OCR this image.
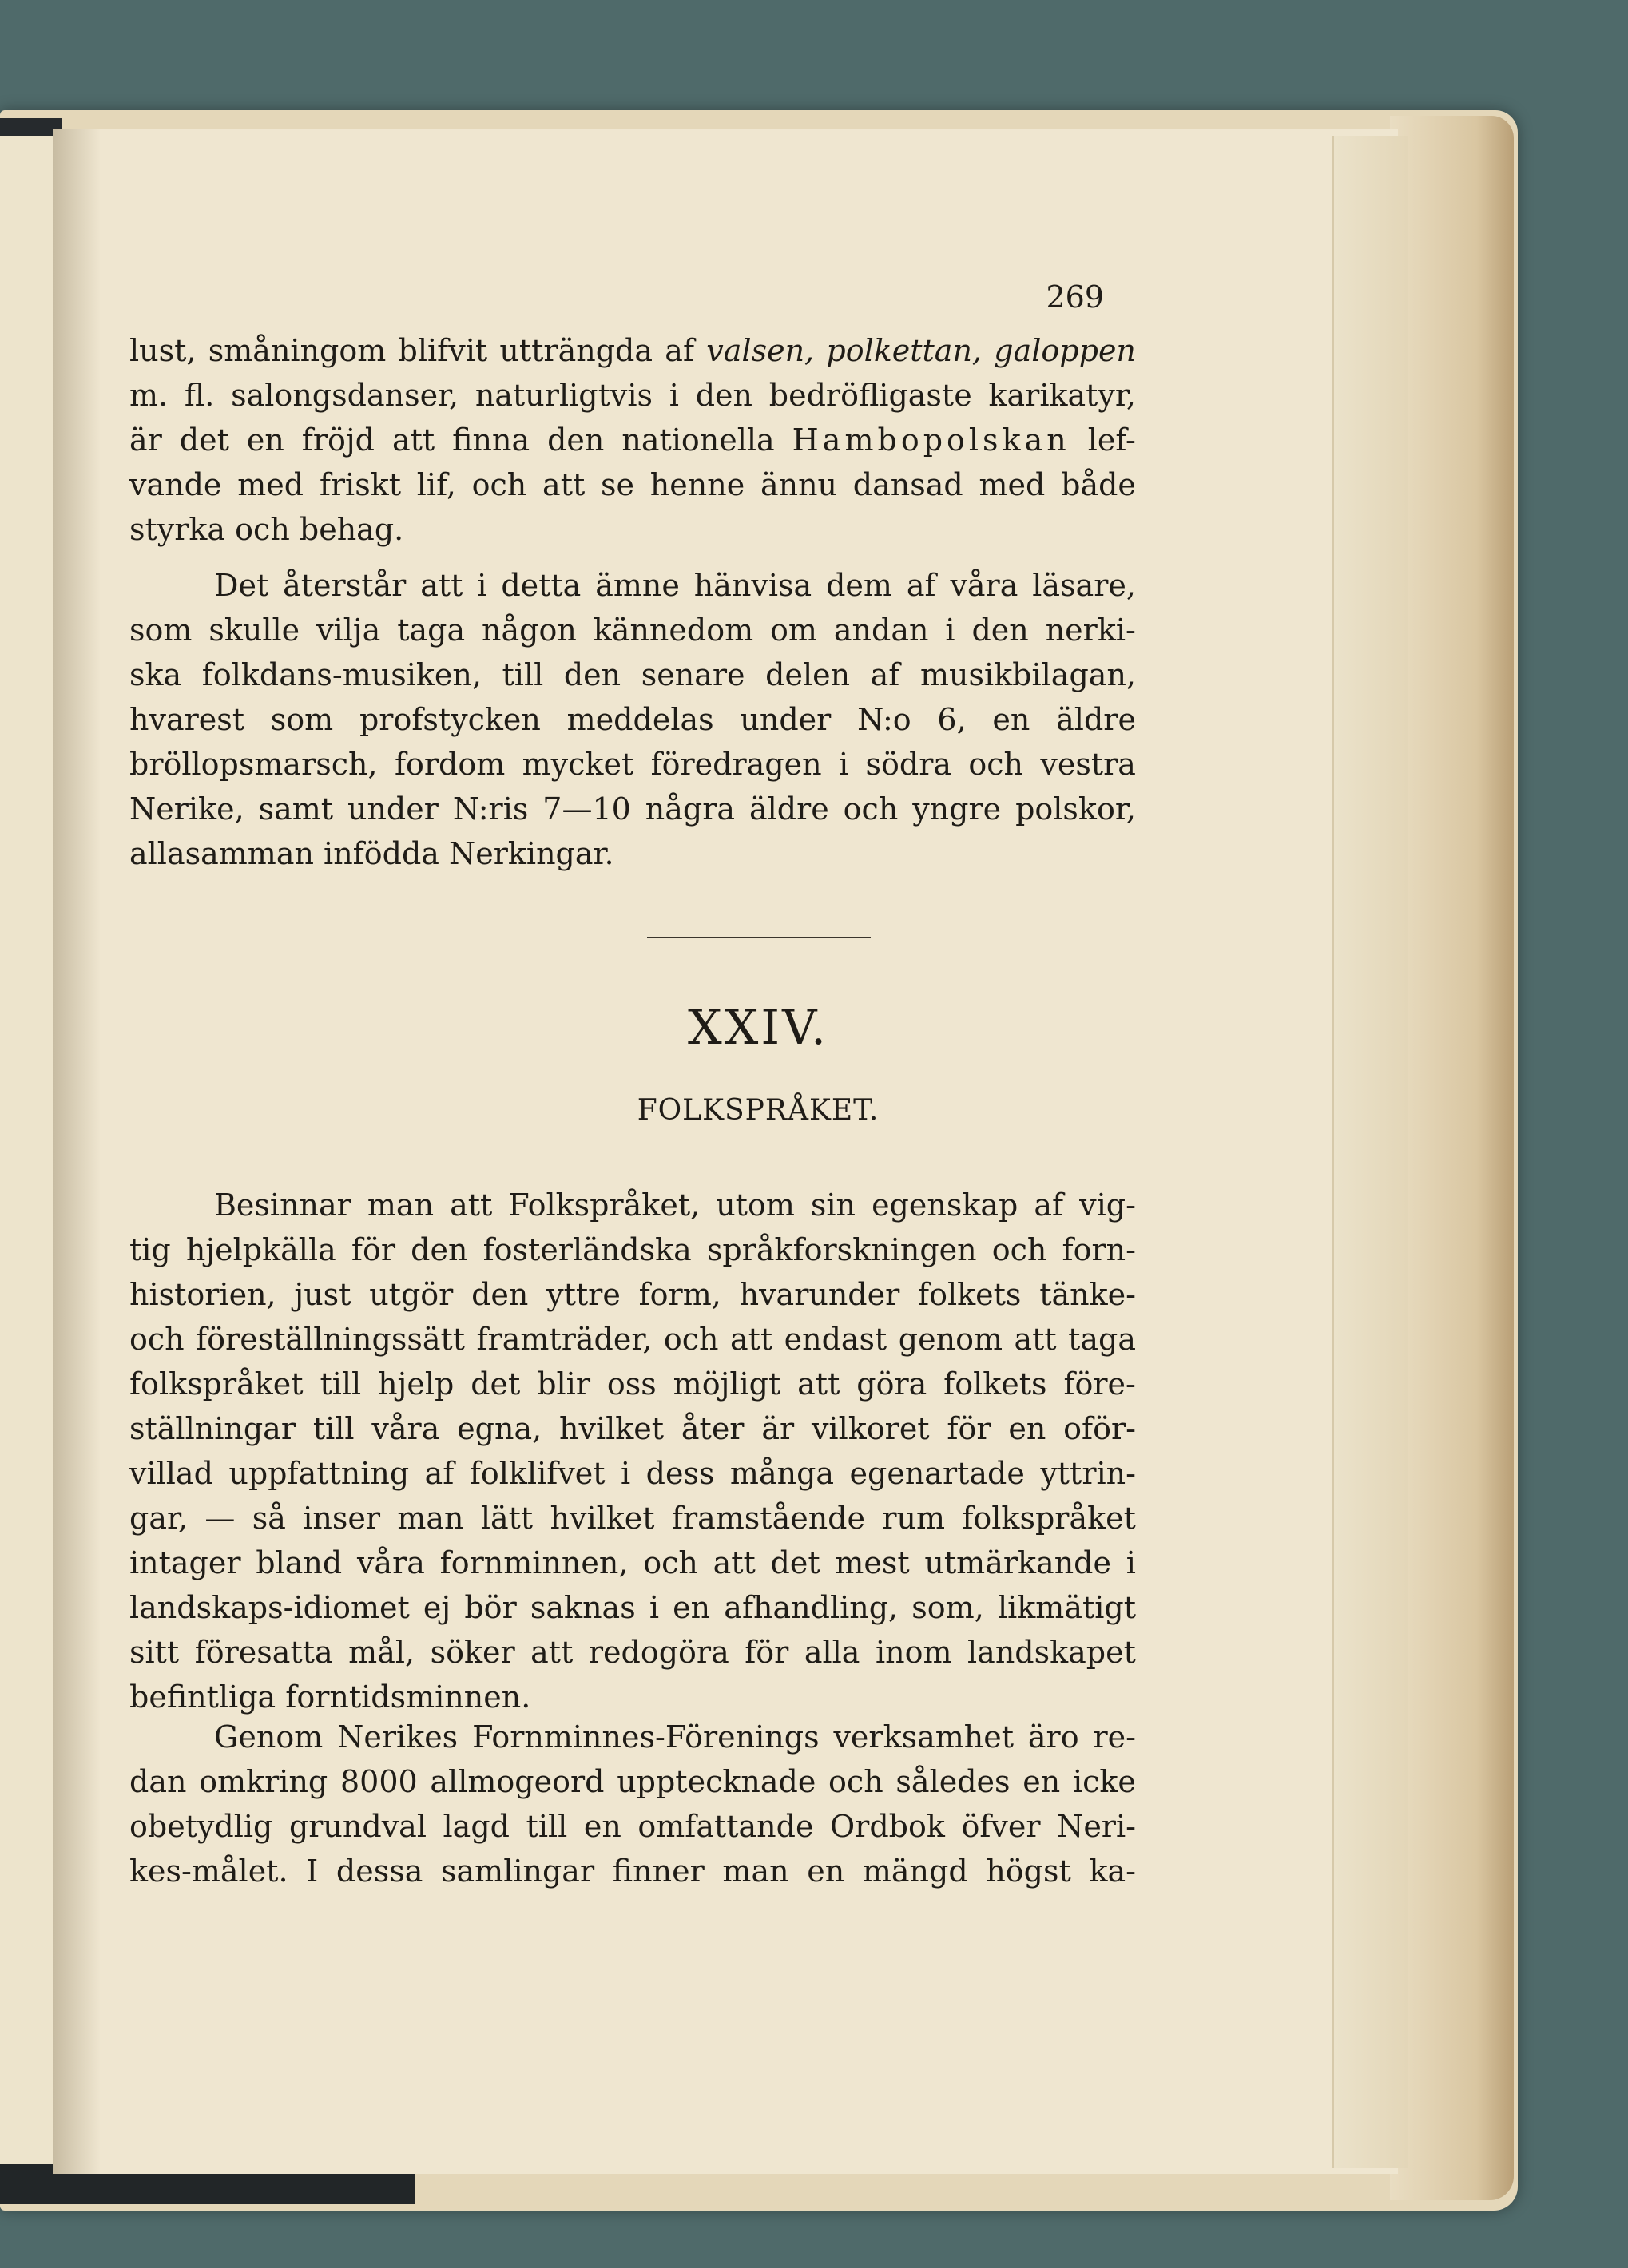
269
lust, småningom blifvit utträngda af valsen, polkettan, galoppen
m. fl. salongsdanser, naturligtvis i den bedröfligaste karikatyr,
är det en fröjd att finna den nationella Hambopolskan lef-
vande med friskt lif, och att se henne ännu dansad med både
styrka och behag.
Det återstår att i detta ämne hänvisa dem af våra läsare,
som skulle vilja taga någon kännedom om andan i den nerki-
ska folkdans-musiken, till den senare delen af musikbilagan,
hvarest som profstycken meddelas under N:o 6, en äldre
bröllopsmarsch, fordom mycket föredragen i södra och vestra
Nerike, samt under N:ris 7—10 några äldre och yngre polskor,
allasamman infödda Nerkingar.
XXIV.
FOLKSPRÅKET.
Besinnar man att Folkspråket, utom sin egenskap af vig-
tig hjelpkälla för den fosterländska språkforskningen och forn-
historien, just utgör den yttre form, hvarunder folkets tänke-
och föreställningssätt framträder, och att endast genom att taga
folkspråket till hjelp det blir oss möjligt att göra folkets före-
ställningar till våra egna, hvilket åter är vilkoret för en oför-
villad uppfattning af folklifvet i dess många egenartade yttrin-
gar, — så inser man lätt hvilket framstående rum folkspråket
intager bland våra fornminnen, och att det mest utmärkande i
landskaps-idiomet ej bör saknas i en afhandling, som, likmätigt
sitt föresatta mål, söker att redogöra för alla inom landskapet
befintliga forntidsminnen.
Genom Nerikes Fornminnes-Förenings verksamhet äro re-
dan omkring 8000 allmogeord upptecknade och således en icke
obetydlig grundval lagd till en omfattande Ordbok öfver Neri-
kes-målet. I dessa samlingar finner man en mängd högst ka-
